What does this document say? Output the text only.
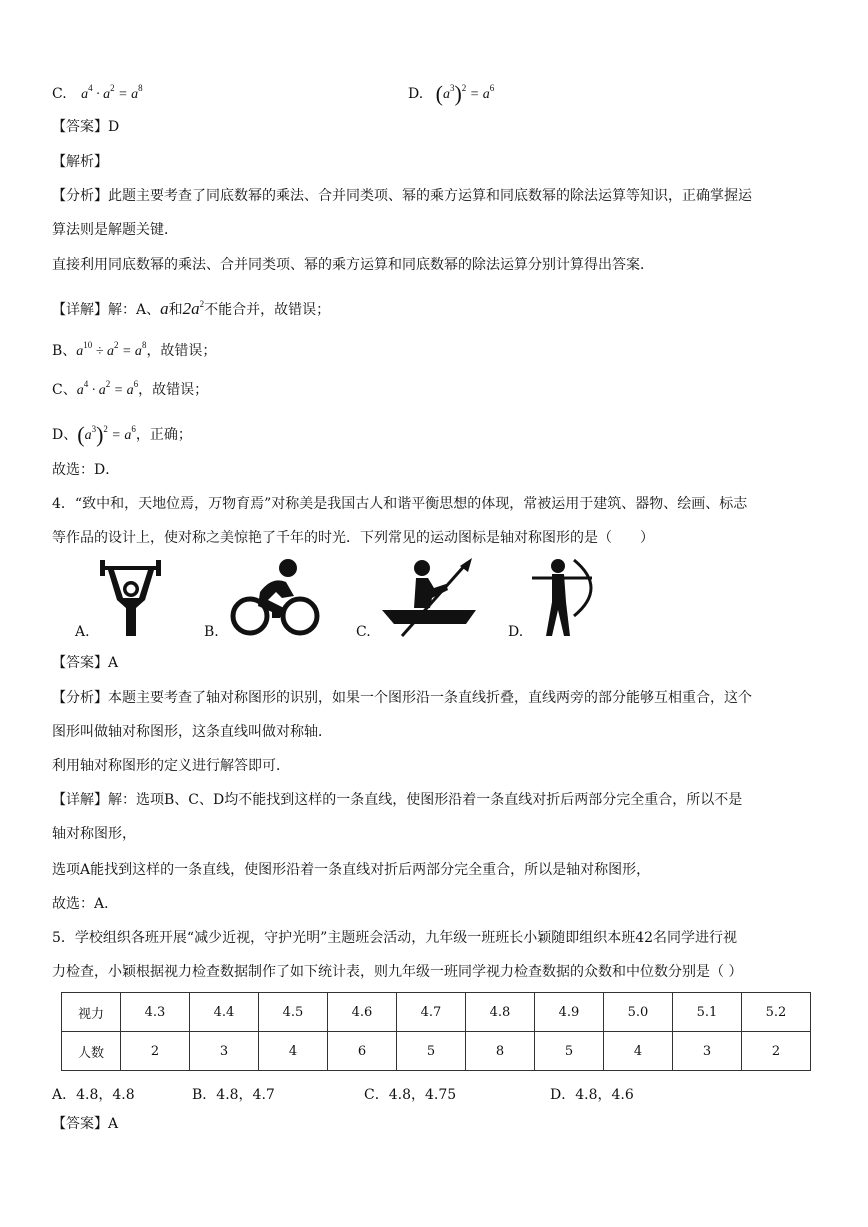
C. $a^4 \cdot a^2 = a^8$	D. $(a^3)^2 = a^6$
【答案】D
【解析】
【分析】此题主要考查了同底数幂的乘法、合并同类项、幂的乘方运算和同底数幂的除法运算等知识，正确掌握运
算法则是解题关键．
直接利用同底数幂的乘法、合并同类项、幂的乘方运算和同底数幂的除法运算分别计算得出答案．
【详解】解：A、a和$2a^2$不能合并，故错误；
B、$a^{10} \div a^2 = a^8$，故错误；
C、$a^4 \cdot a^2 = a^6$，故错误；
D、$(a^3)^2 = a^6$，正确；
故选：D．
4．“致中和，天地位焉，万物育焉”对称美是我国古人和谐平衡思想的体现，常被运用于建筑、器物、绘画、标志
等作品的设计上，使对称之美惊艳了千年的时光．下列常见的运动图标是轴对称图形的是（　　）
A.	B.	C.	D.
【答案】A
【分析】本题主要考查了轴对称图形的识别，如果一个图形沿一条直线折叠，直线两旁的部分能够互相重合，这个
图形叫做轴对称图形，这条直线叫做对称轴．
利用轴对称图形的定义进行解答即可．
【详解】解：选项B、C、D均不能找到这样的一条直线，使图形沿着一条直线对折后两部分完全重合，所以不是
轴对称图形，
选项A能找到这样的一条直线，使图形沿着一条直线对折后两部分完全重合，所以是轴对称图形，
故选：A．
5．学校组织各班开展“减少近视，守护光明”主题班会活动，九年级一班班长小颖随即组织本班42名同学进行视
力检查，小颖根据视力检查数据制作了如下统计表，则九年级一班同学视力检查数据的众数和中位数分别是（ ）
视力	4.3	4.4	4.5	4.6	4.7	4.8	4.9	5.0	5.1	5.2
人数	2	3	4	6	5	8	5	4	3	2
A．4.8，4.8	B．4.8，4.7	C．4.8，4.75	D．4.8，4.6
【答案】A
